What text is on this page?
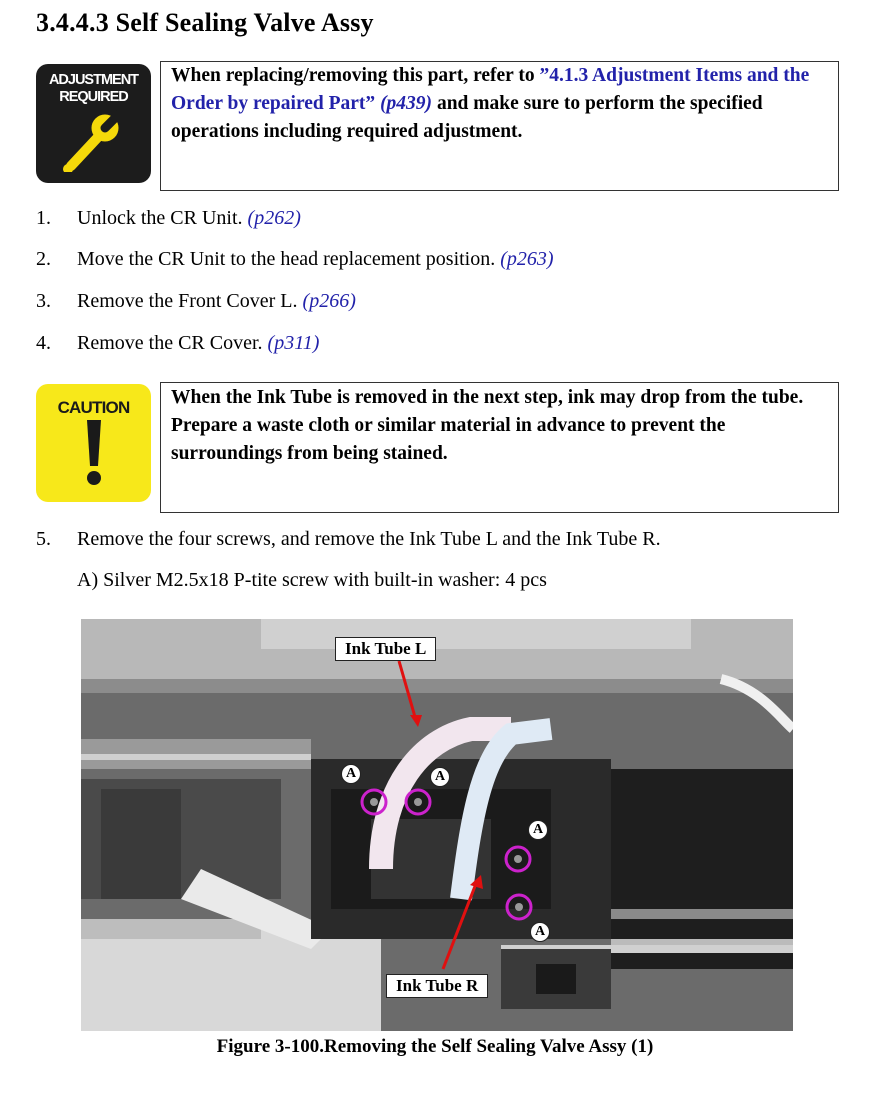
3.4.4.3 Self Sealing Valve Assy
ADJUSTMENT
REQUIRED
When replacing/removing this part, refer to ”4.1.3 Adjustment Items and the Order by repaired Part” (p439) and make sure to perform the specified operations including required adjustment.
1. Unlock the CR Unit. (p262)
2. Move the CR Unit to the head replacement position. (p263)
3. Remove the Front Cover L. (p266)
4. Remove the CR Cover. (p311)
CAUTION	When the Ink Tube is removed in the next step, ink may drop from the tube. Prepare a waste cloth or similar material in advance to prevent the surroundings from being stained.
5. Remove the four screws, and remove the Ink Tube L and the Ink Tube R.
A) Silver M2.5x18 P-tite screw with built-in washer: 4 pcs
Ink Tube L
Ink Tube R
A	A
A
A
Figure 3-100.Removing the Self Sealing Valve Assy (1)
